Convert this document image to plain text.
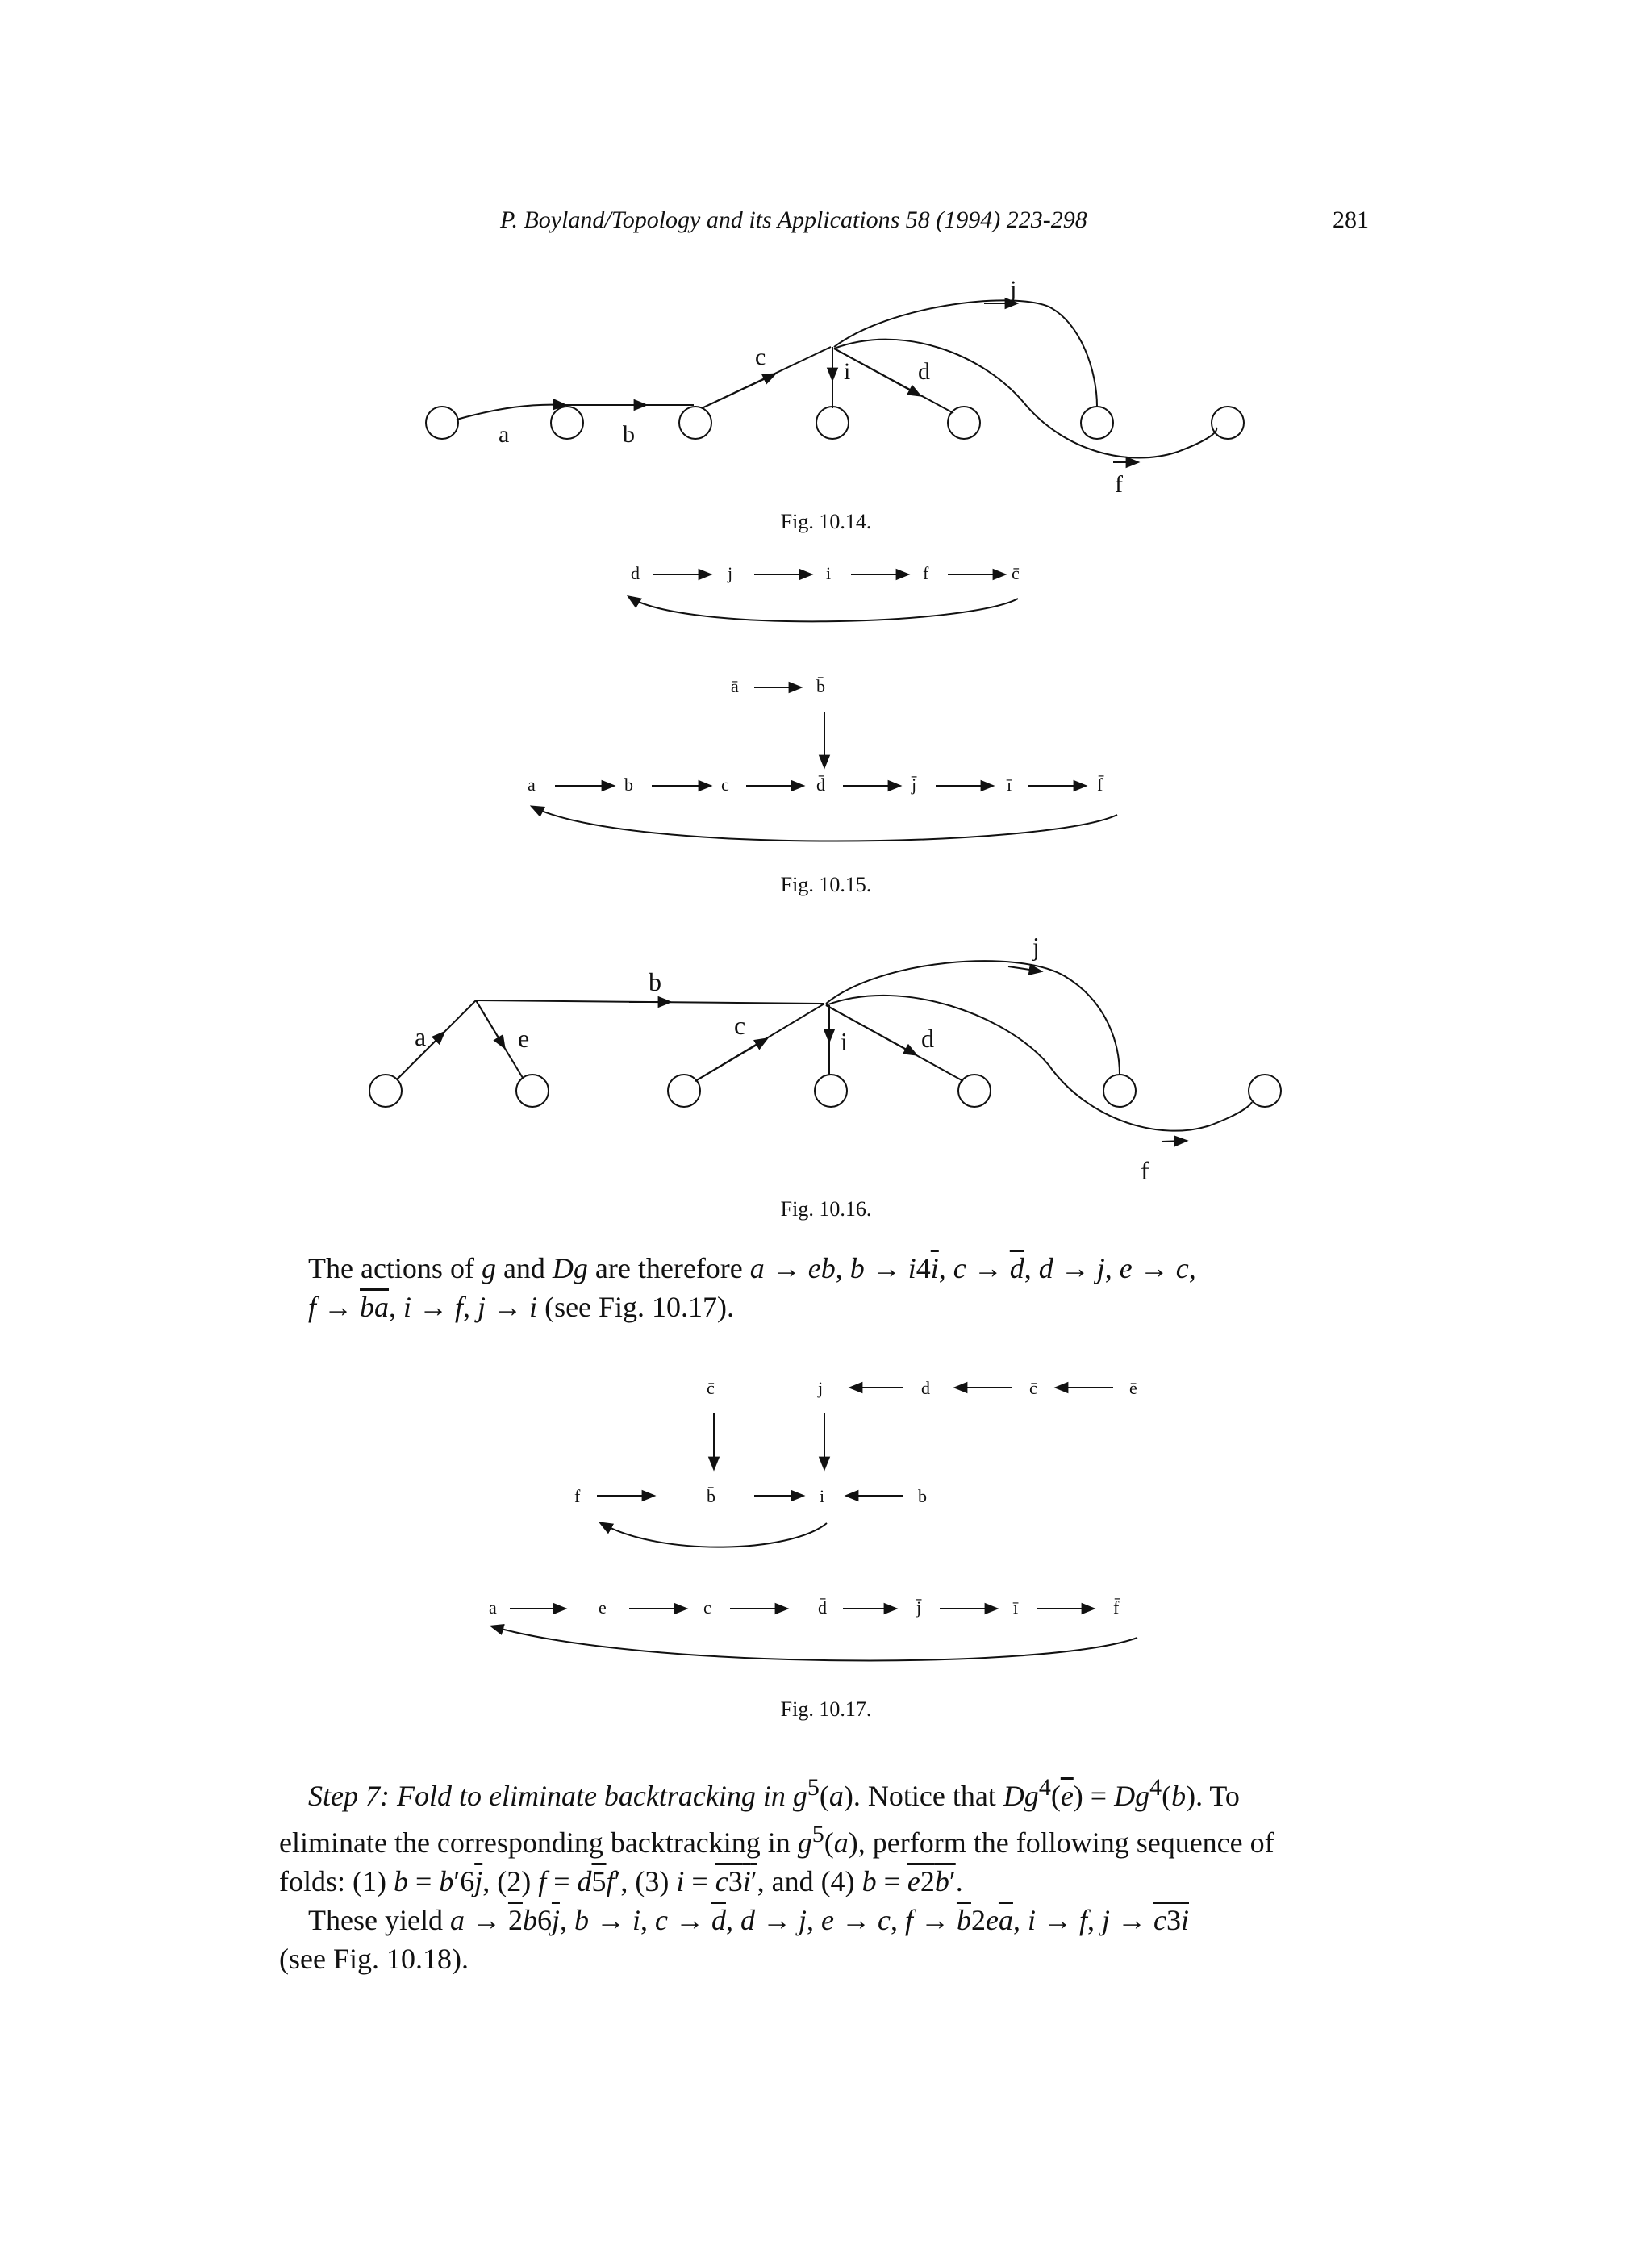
P. Boyland/Topology and its Applications 58 (1994) 223-298	281
a	b
c
i	d
j
f
d	j	i	f	c̄
ā	b̄
a	b	c	d̄	j̄	ī	f̄
a	e
b
c
i	d
j
f
c̄	j	d	c̄	ē
f	b̄	i	b
a	e	c	d̄	j̄	ī	f̄
Fig. 10.14.
Fig. 10.15.
Fig. 10.16.
Fig. 10.17.
The actions of g and Dg are therefore a → eb, $b \to i4\overline{i}$, $c \to \overline{d}$, d → j, e → c,
$f \to \overline{ba}$, i → f, j → i (see Fig. 10.17).
Step 7: Fold to eliminate backtracking in $g^5(a)$. Notice that $Dg^4(\overline{e}) = Dg^4(b)$. To
eliminate the corresponding backtracking in $g^5(a)$, perform the following sequence of
folds: (1) $b = b'6\overline{j}$, (2) f = d5f′, (3) i = c3i′, and (4) b = e2b′.
These yield $a \to 2b6\overline{j}$, b → i, $c \to \overline{d}$, d → j, e → c, $f \to \overline{b}2e\overline{a}$, i → f, j → c3i
(see Fig. 10.18).
